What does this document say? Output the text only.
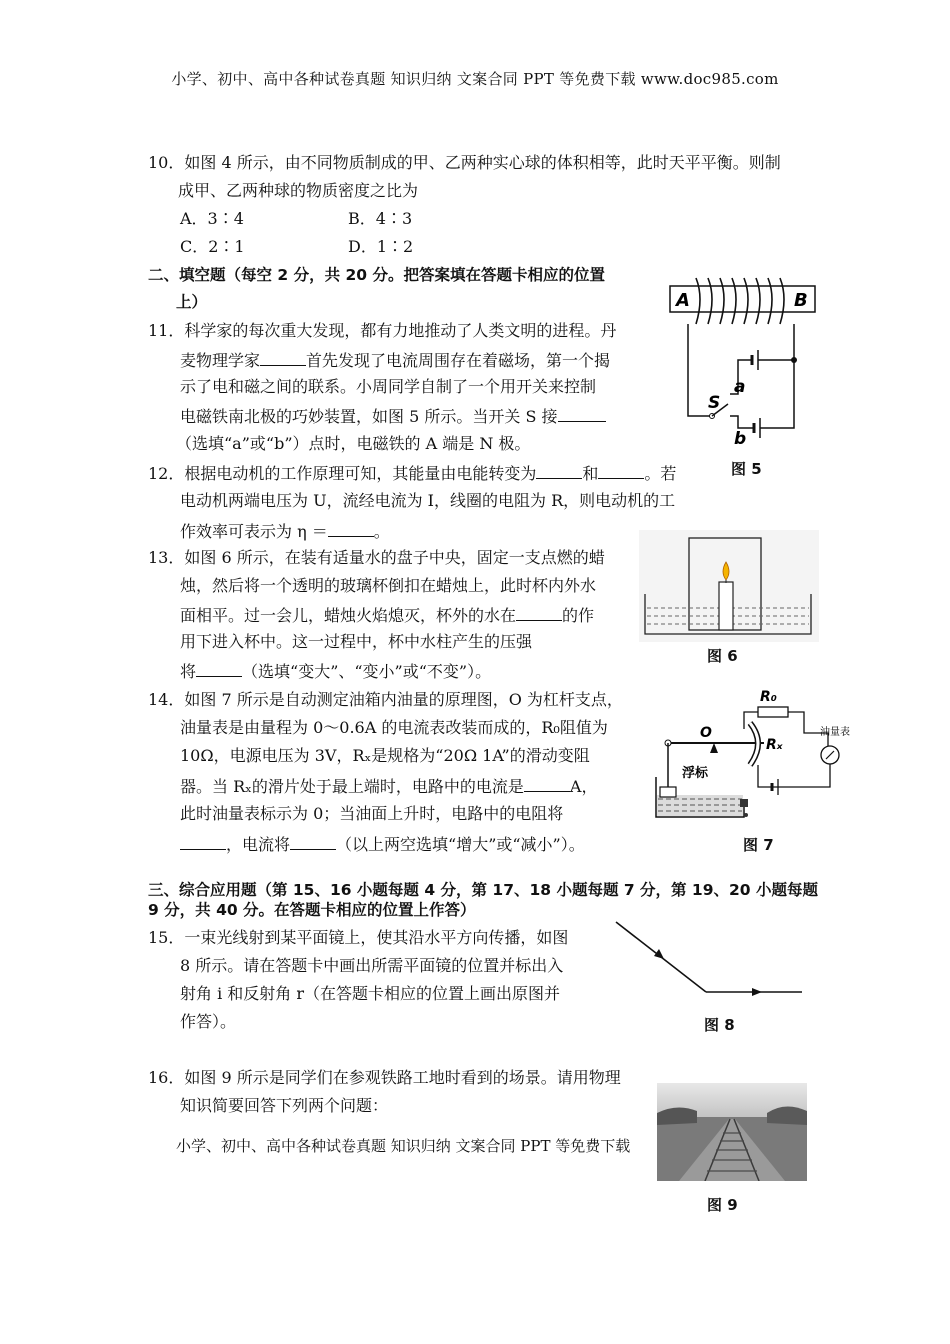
小学、初中、高中各种试卷真题 知识归纳 文案合同 PPT 等免费下载 www.doc985.com
10．如图 4 所示，由不同物质制成的甲、乙两种实心球的体积相等，此时天平平衡。则制
成甲、乙两种球的物质密度之比为
A．3∶4	B．4∶3
C．2∶1	D．1∶2
二、填空题（每空 2 分，共 20 分。把答案填在答题卡相应的位置
上）
11．科学家的每次重大发现，都有力地推动了人类文明的进程。丹
麦物理学家	首先发现了电流周围存在着磁场，第一个揭
示了电和磁之间的联系。小周同学自制了一个用开关来控制
电磁铁南北极的巧妙装置，如图 5 所示。当开关 S 接
（选填“a”或“b”）点时，电磁铁的 A 端是 N 极。
12．根据电动机的工作原理可知，其能量由电能转变为	和	。若
电动机两端电压为 U，流经电流为 I，线圈的电阻为 R，则电动机的工
作效率可表示为 η ＝	。
13．如图 6 所示，在装有适量水的盘子中央，固定一支点燃的蜡
烛，然后将一个透明的玻璃杯倒扣在蜡烛上，此时杯内外水
面相平。过一会儿，蜡烛火焰熄灭，杯外的水在	的作
用下进入杯中。这一过程中，杯中水柱产生的压强
将	（选填“变大”、“变小”或“不变”）。
14．如图 7 所示是自动测定油箱内油量的原理图，O 为杠杆支点，
油量表是由量程为 0～0.6A 的电流表改装而成的，R₀阻值为
10Ω，电源电压为 3V，Rₓ是规格为“20Ω 1A”的滑动变阻
器。当 Rₓ的滑片处于最上端时，电路中的电流是	A，
此时油量表标示为 0；当油面上升时，电路中的电阻将
，电流将	（以上两空选填“增大”或“减小”）。
三、综合应用题（第 15、16 小题每题 4 分，第 17、18 小题每题 7 分，第 19、20 小题每题
9 分，共 40 分。在答题卡相应的位置上作答）
15．一束光线射到某平面镜上，使其沿水平方向传播，如图
8 所示。请在答题卡中画出所需平面镜的位置并标出入
射角 i 和反射角 r（在答题卡相应的位置上画出原图并
作答）。
16．如图 9 所示是同学们在参观铁路工地时看到的场景。请用物理
知识简要回答下列两个问题：
小学、初中、高中各种试卷真题 知识归纳 文案合同 PPT 等免费下载
A	B
S
a
b
图 5
图 6
R₀
O
Rₓ
油量表
浮标
图 7
图 8
图 9
